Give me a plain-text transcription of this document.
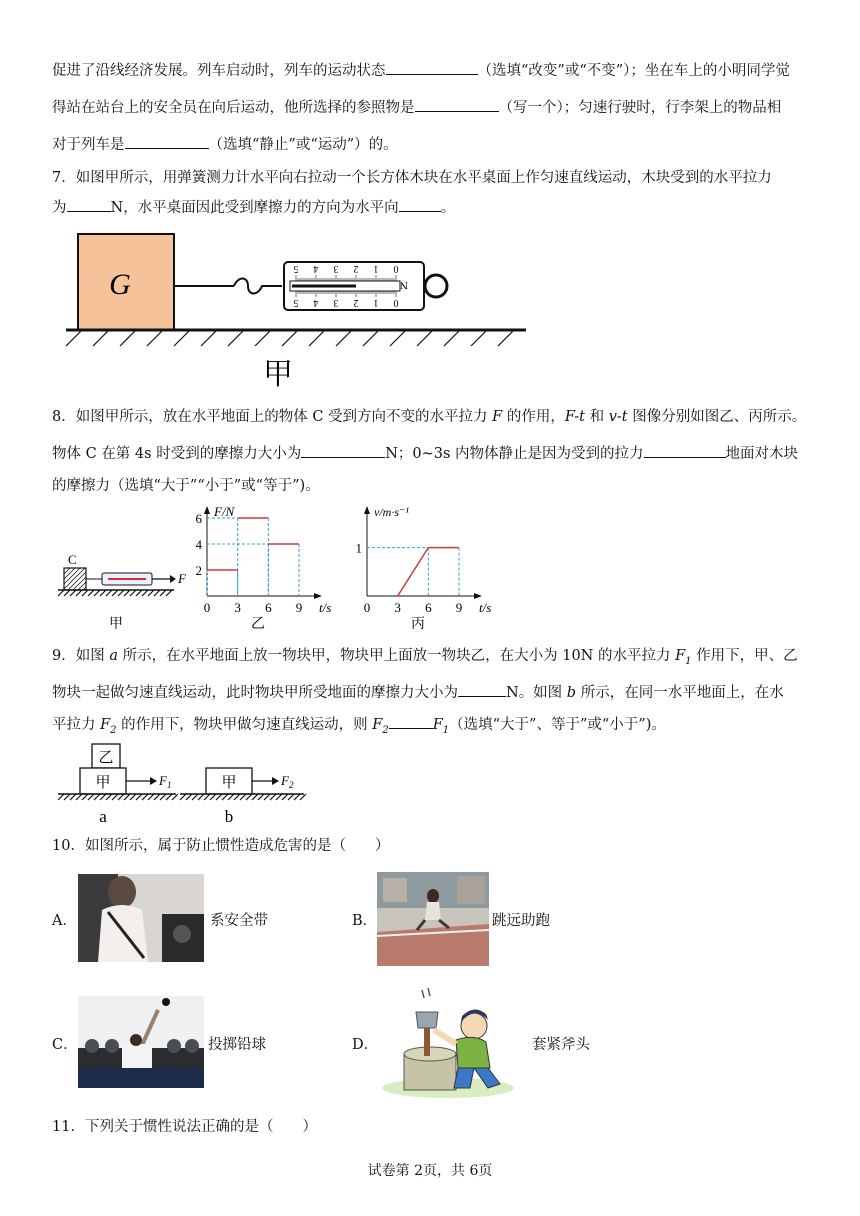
促进了沿线经济发展。列车启动时，列车的运动状态	（选填“改变”或“不变”）；坐在车上的小明同学觉
得站在站台上的安全员在向后运动，他所选择的参照物是	（写一个）；匀速行驶时，行李架上的物品相
对于列车是	（选填“静止”或“运动”）的。
7．如图甲所示，用弹簧测力计水平向右拉动一个长方体木块在水平桌面上作匀速直线运动，木块受到的水平拉力
为	N，水平桌面因此受到摩擦力的方向为水平向	。
G	5
5
4
4
3
3
2
2
1
1
0
0
N
甲
8．如图甲所示，放在水平地面上的物体 C 受到方向不变的水平拉力 F 的作用，F-t 和 v-t 图像分别如图乙、丙所示。
物体 C 在第 4s 时受到的摩擦力大小为	N；0~3s 内物体静止是因为受到的拉力	地面对木块
的摩擦力（选填“大于”“小于”或“等于”)。
C
F
甲
F/N
t/s
0 3 6 9
2
4
6
乙
v/m·s⁻¹
t/s
0 3 6 9
1
丙
9．如图 a 所示，在水平地面上放一物块甲，物块甲上面放一物块乙，在大小为 10N 的水平拉力 $F_1$ 作用下，甲、乙
物块一起做匀速直线运动，此时物块甲所受地面的摩擦力大小为	N。如图 b 所示，在同一水平地面上，在水
平拉力 $F_2$ 的作用下，物块甲做匀速直线运动，则 $F_2$	$F_1$（选填“大于”、等于”或“小于”)。
乙
甲	$F_1$
a
甲	$F_2$
b
10．如图所示，属于防止惯性造成危害的是（　　）
A．	系安全带	B．	跳远助跑
C．	投掷铅球	D．	套紧斧头
11．下列关于惯性说法正确的是（　　）
试卷第 2页，共 6页
